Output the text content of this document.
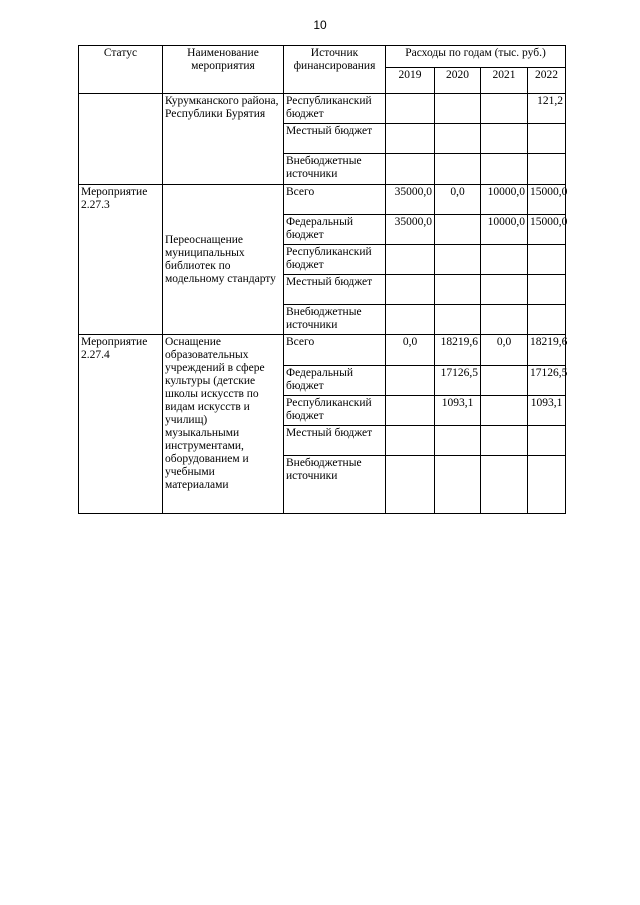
10
Статус	Наименование мероприятия	Источник финансирования	Расходы по годам (тыс. руб.)			
			2019	2020	2021	2022
	Курумканского района, Республики Бурятия	Республиканский бюджет				121,2
		Местный бюджет				
		Внебюджетные источники				
Мероприятие 2.27.3	Переоснащение муниципальных библиотек по модельному стандарту	Всего	35000,0	0,0	10000,0	15000,0
		Федеральный бюджет	35000,0		10000,0	15000,0
		Республиканский бюджет				
		Местный бюджет				
		Внебюджетные источники				
Мероприятие 2.27.4	Оснащение образовательных учреждений в сфере культуры (детские школы искусств по видам искусств и училищ) музыкальными инструментами, оборудованием и учебными материалами	Всего	0,0	18219,6	0,0	18219,6
		Федеральный бюджет		17126,5		17126,5
		Республиканский бюджет		1093,1		1093,1
		Местный бюджет				
		Внебюджетные источники				
